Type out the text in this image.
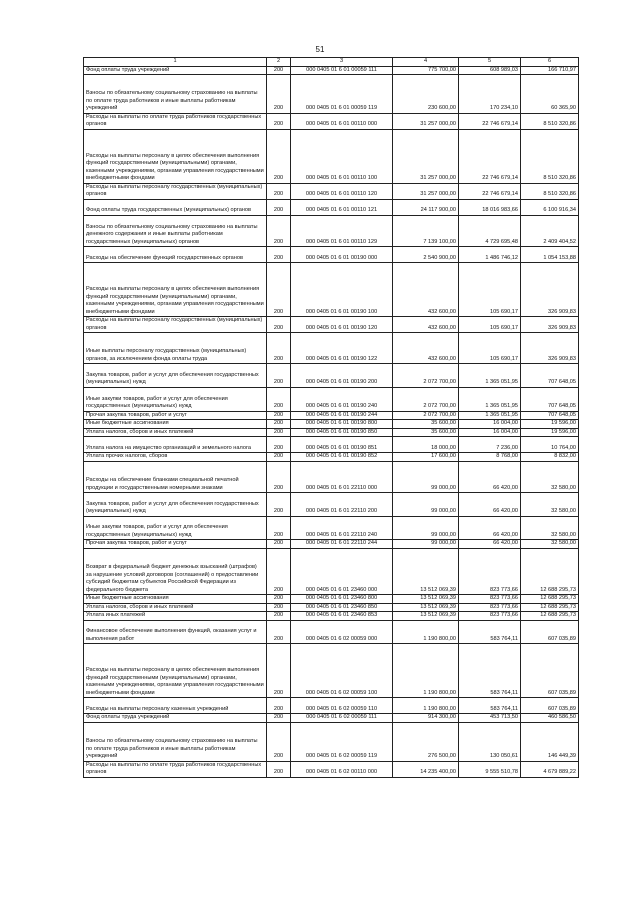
51
1	2	3	4	5	6
Фонд оплаты труда учреждений	200	000 0405 01 6 01 00059 111	775 700,00	608 989,03	166 710,97
Взносы по обязательному социальному страхованию на выплаты по оплате труда работников и иные выплаты работникам учреждений	200	000 0405 01 6 01 00059 119	230 600,00	170 234,10	60 365,90
Расходы на выплаты по оплате труда работников государственных органов	200	000 0405 01 6 01 00110 000	31 257 000,00	22 746 679,14	8 510 320,86
Расходы на выплаты персоналу в целях обеспечения выполнения функций государственными (муниципальными) органами, казенными учреждениями, органами управления государственными внебюджетными фондами	200	000 0405 01 6 01 00110 100	31 257 000,00	22 746 679,14	8 510 320,86
Расходы на выплаты персоналу государственных (муниципальных) органов	200	000 0405 01 6 01 00110 120	31 257 000,00	22 746 679,14	8 510 320,86
Фонд оплаты труда государственных (муниципальных) органов	200	000 0405 01 6 01 00110 121	24 117 900,00	18 016 983,66	6 100 916,34
Взносы по обязательному социальному страхованию на выплаты денежного содержания и иные выплаты работникам государственных (муниципальных) органов	200	000 0405 01 6 01 00110 129	7 139 100,00	4 729 695,48	2 409 404,52
Расходы на обеспечение функций государственных органов	200	000 0405 01 6 01 00190 000	2 540 900,00	1 486 746,12	1 054 153,88
Расходы на выплаты персоналу в целях обеспечения выполнения функций государственными (муниципальными) органами, казенными учреждениями, органами управления государственными внебюджетными фондами	200	000 0405 01 6 01 00190 100	432 600,00	105 690,17	326 909,83
Расходы на выплаты персоналу государственных (муниципальных) органов	200	000 0405 01 6 01 00190 120	432 600,00	105 690,17	326 909,83
Иные выплаты персоналу государственных (муниципальных) органов, за исключением фонда оплаты труда	200	000 0405 01 6 01 00190 122	432 600,00	105 690,17	326 909,83
Закупка товаров, работ и услуг для обеспечения государственных (муниципальных) нужд	200	000 0405 01 6 01 00190 200	2 072 700,00	1 365 051,95	707 648,05
Иные закупки товаров, работ и услуг для обеспечения государственных (муниципальных) нужд	200	000 0405 01 6 01 00190 240	2 072 700,00	1 365 051,95	707 648,05
Прочая закупка товаров, работ и услуг	200	000 0405 01 6 01 00190 244	2 072 700,00	1 365 051,95	707 648,05
Иные бюджетные ассигнования	200	000 0405 01 6 01 00190 800	35 600,00	16 004,00	19 596,00
Уплата налогов, сборов и иных платежей	200	000 0405 01 6 01 00190 850	35 600,00	16 004,00	19 596,00
Уплата налога на имущество организаций и земельного налога	200	000 0405 01 6 01 00190 851	18 000,00	7 236,00	10 764,00
Уплата прочих налогов, сборов	200	000 0405 01 6 01 00190 852	17 600,00	8 768,00	8 832,00
Расходы на обеспечение бланками специальной печатной продукции и государственными номерными знаками	200	000 0405 01 6 01 22110 000	99 000,00	66 420,00	32 580,00
Закупка товаров, работ и услуг для обеспечения государственных (муниципальных) нужд	200	000 0405 01 6 01 22110 200	99 000,00	66 420,00	32 580,00
Иные закупки товаров, работ и услуг для обеспечения государственных (муниципальных) нужд	200	000 0405 01 6 01 22110 240	99 000,00	66 420,00	32 580,00
Прочая закупка товаров, работ и услуг	200	000 0405 01 6 01 22110 244	99 000,00	66 420,00	32 580,00
Возврат в федеральный бюджет денежных взысканий (штрафов) за нарушение условий договоров (соглашений) о предоставлении субсидий бюджетам субъектов Российской Федерации из федерального бюджета	200	000 0405 01 6 01 23460 000	13 512 069,39	823 773,66	12 688 295,73
Иные бюджетные ассигнования	200	000 0405 01 6 01 23460 800	13 512 069,39	823 773,66	12 688 295,73
Уплата налогов, сборов и иных платежей	200	000 0405 01 6 01 23460 850	13 512 069,39	823 773,66	12 688 295,73
Уплата иных платежей	200	000 0405 01 6 01 23460 853	13 512 069,39	823 773,66	12 688 295,73
Финансовое обеспечение выполнения функций, оказания услуг и выполнения работ	200	000 0405 01 6 02 00059 000	1 190 800,00	583 764,11	607 035,89
Расходы на выплаты персоналу в целях обеспечения выполнения функций государственными (муниципальными) органами, казенными учреждениями, органами управления государственными внебюджетными фондами	200	000 0405 01 6 02 00059 100	1 190 800,00	583 764,11	607 035,89
Расходы на выплаты персоналу казенных учреждений	200	000 0405 01 6 02 00059 110	1 190 800,00	583 764,11	607 035,89
Фонд оплаты труда учреждений	200	000 0405 01 6 02 00059 111	914 300,00	453 713,50	460 586,50
Взносы по обязательному социальному страхованию на выплаты по оплате труда работников и иные выплаты работникам учреждений	200	000 0405 01 6 02 00059 119	276 500,00	130 050,61	146 449,39
Расходы на выплаты по оплате труда работников государственных органов	200	000 0405 01 6 02 00110 000	14 235 400,00	9 555 510,78	4 679 889,22
